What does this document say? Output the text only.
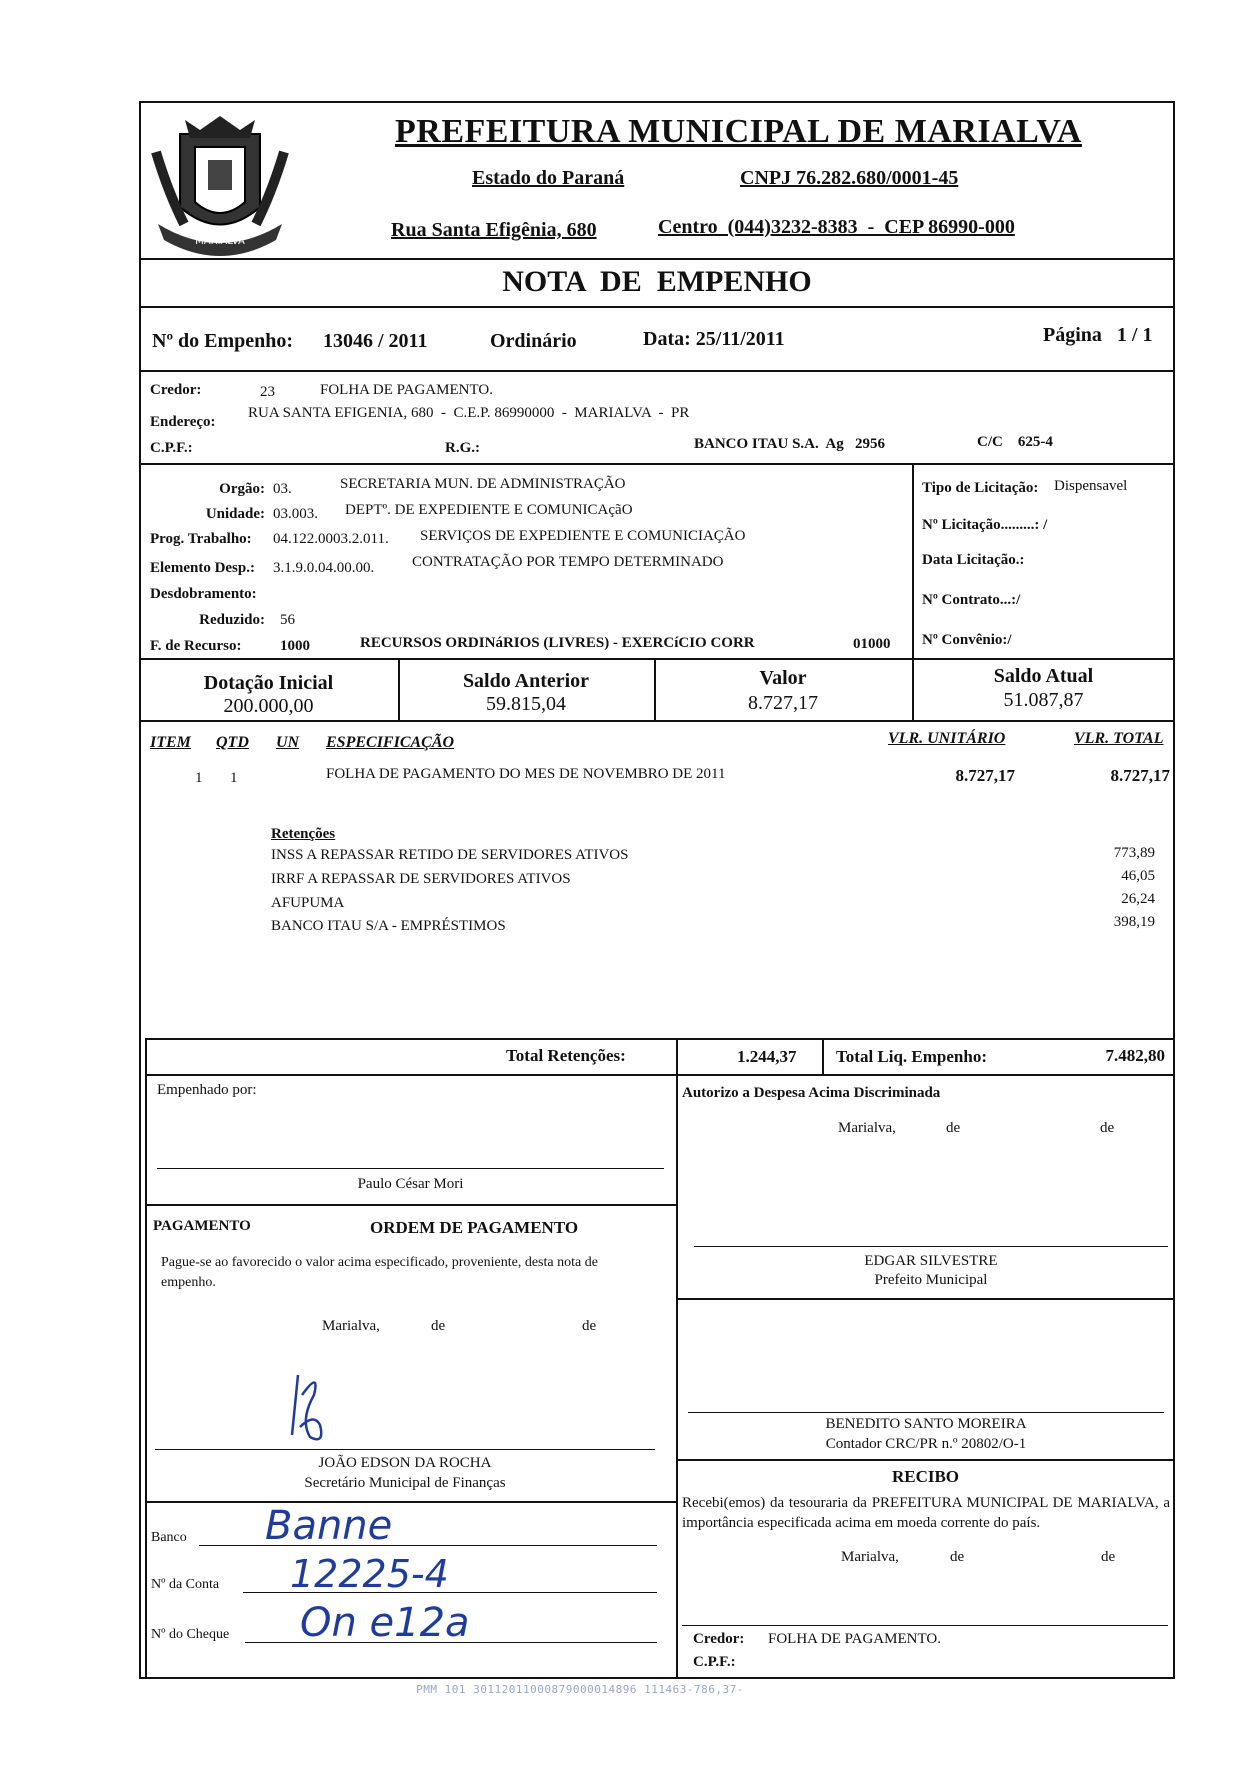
MARIALVA
PREFEITURA MUNICIPAL DE MARIALVA
Estado do Paraná	CNPJ 76.282.680/0001-45
Rua Santa Efigênia, 680	Centro  (044)3232-8383  -  CEP 86990-000
NOTA  DE  EMPENHO
Nº do Empenho: 13046 / 2011	Ordinário	Data: 25/11/2011	Página   1 / 1
Credor:	23	FOLHA DE PAGAMENTO.
Endereço:
RUA SANTA EFIGENIA, 680  -  C.E.P. 86990000  -  MARIALVA  -  PR
C.P.F.:	R.G.:	BANCO ITAU S.A.  Ag   2956	C/C    625-4
Orgão: 03.	SECRETARIA MUN. DE ADMINISTRAÇÃO
Unidade: 03.003. DEPTº. DE EXPEDIENTE E COMUNICAçãO
Prog. Trabalho: 04.122.0003.2.011. SERVIÇOS DE EXPEDIENTE E COMUNICIAÇÃO
Elemento Desp.: 3.1.9.0.04.00.00.	CONTRATAÇÃO POR TEMPO DETERMINADO
Desdobramento:
Reduzido: 56
F. de Recurso:	1000	RECURSOS ORDINáRIOS (LIVRES) - EXERCíCIO CORR	01000
Tipo de Licitação: Dispensavel
Nº Licitação.........: /
Data Licitação.:
Nº Contrato...:/
Nº Convênio:/
Dotação Inicial
200.000,00
Saldo Anterior
59.815,04
Valor
8.727,17
Saldo Atual
51.087,87
ITEM QTD UN ESPECIFICAÇÃO	VLR. UNITÁRIO	VLR. TOTAL
1 1	FOLHA DE PAGAMENTO DO MES DE NOVEMBRO DE 2011	8.727,17	8.727,17
Retenções
INSS A REPASSAR RETIDO DE SERVIDORES ATIVOS	773,89
IRRF A REPASSAR DE SERVIDORES ATIVOS	46,05
AFUPUMA	26,24
BANCO ITAU S/A - EMPRÉSTIMOS	398,19
Total Retenções:	1.244,37 Total Liq. Empenho:	7.482,80
Empenhado por:
Paulo César Mori
Autorizo a Despesa Acima Discriminada
Marialva,	de	de
PAGAMENTO	ORDEM DE PAGAMENTO
Pague-se ao favorecido o valor acima especificado, proveniente, desta nota de empenho.
Marialva,	de	de
JOÃO EDSON DA ROCHA
Secretário Municipal de Finanças
EDGAR SILVESTRE
Prefeito Municipal
BENEDITO SANTO MOREIRA
Contador CRC/PR n.º 20802/O-1
RECIBO
Recebi(emos) da tesouraria da PREFEITURA MUNICIPAL DE MARIALVA, a importância especificada acima em moeda corrente do país.
Marialva,	de	de
Credor: FOLHA DE PAGAMENTO.
C.P.F.:
Banco Banne
Nº da Conta 12225-4
Nº do Cheque On e12a
PMM 101 30112011000879000014896 111463-786,37-
